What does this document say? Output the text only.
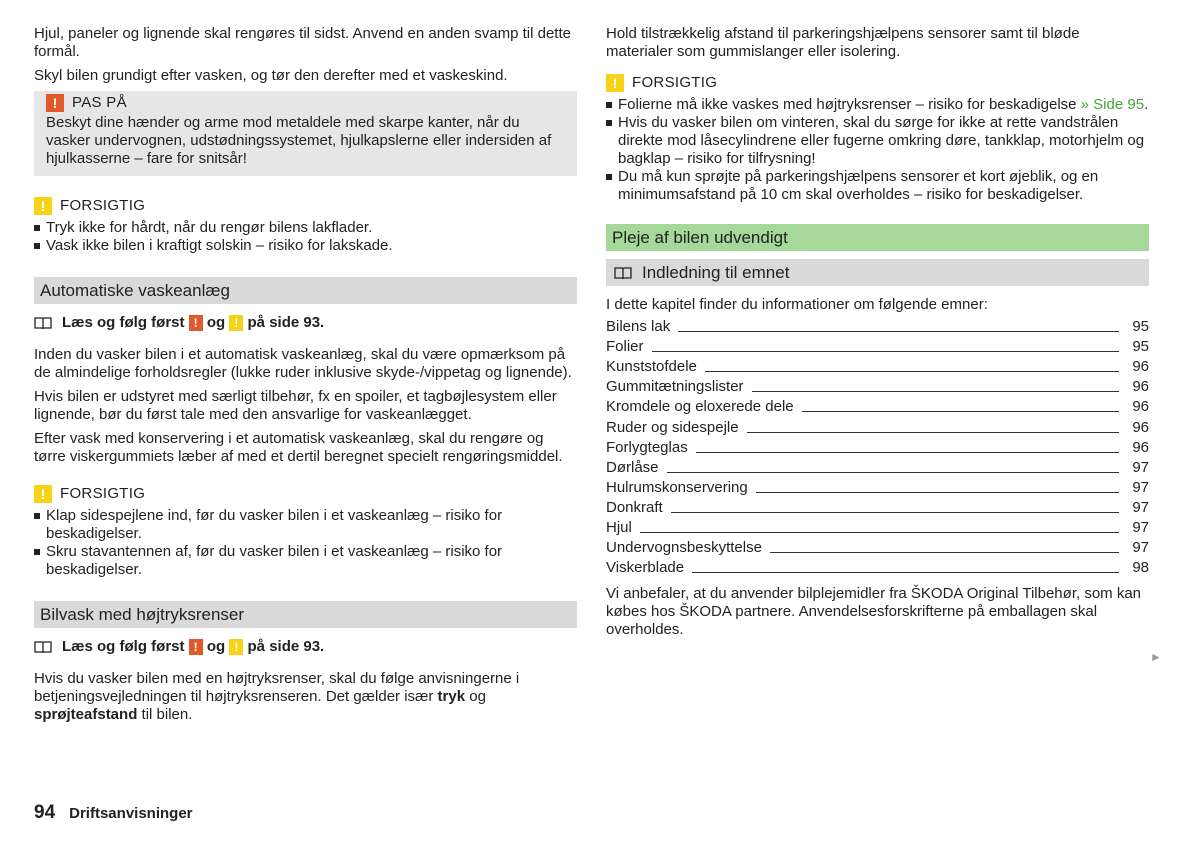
Hjul, paneler og lignende skal rengøres til sidst. Anvend en anden svamp til dette formål.

Skyl bilen grundigt efter vasken, og tør den derefter med et vaskeskind.

! PAS PÅ
Beskyt dine hænder og arme mod metaldele med skarpe kanter, når du vasker undervognen, udstødningssystemet, hjulkapslerne eller indersiden af hjulkasserne – fare for snitsår!
! FORSIGTIG
Tryk ikke for hårdt, når du rengør bilens lakflader.
Vask ikke bilen i kraftigt solskin – risiko for lakskade.
Automatiske vaskeanlæg
Læs og følg først
!
og
!
på side 93.

Inden du vasker bilen i et automatisk vaskeanlæg, skal du være opmærksom på de almindelige forholdsregler (lukke ruder inklusive skyde-/vippetag og lignende).

Hvis bilen er udstyret med særligt tilbehør, fx en spoiler, et tagbøjlesystem eller lignende, bør du først tale med den ansvarlige for vaskeanlægget.

Efter vask med konservering i et automatisk vaskeanlæg, skal du rengøre og tørre viskergummiets læber af med et dertil beregnet specielt rengøringsmiddel.

! FORSIGTIG
Klap sidespejlene ind, før du vasker bilen i et vaskeanlæg – risiko for beskadigelser.
Skru stavantennen af, før du vasker bilen i et vaskeanlæg – risiko for beskadigelser.
Bilvask med højtryksrenser
Læs og følg først
!
og
!
på side 93.

Hvis du vasker bilen med en højtryksrenser, skal du følge anvisningerne i betjeningsvejledningen til højtryksrenseren. Det gælder især tryk og sprøjteafstand til bilen.

Hold tilstrækkelig afstand til parkeringshjælpens sensorer samt til bløde materialer som gummislanger eller isolering.

! FORSIGTIG
Folierne må ikke vaskes med højtryksrenser – risiko for beskadigelse » Side 95.
Hvis du vasker bilen om vinteren, skal du sørge for ikke at rette vandstrålen direkte mod låsecylindrene eller fugerne omkring døre, tankklap, motorhjelm og bagklap – risiko for tilfrysning!
Du må kun sprøjte på parkeringshjælpens sensorer et kort øjeblik, og en minimumsafstand på 10 cm skal overholdes – risiko for beskadigelser.
Pleje af bilen udvendigt
Indledning til emnet

I dette kapitel finder du informationer om følgende emner:

Bilens lak	95
Folier	95
Kunststofdele	96
Gummitætningslister	96
Kromdele og eloxerede dele	96
Ruder og sidespejle	96
Forlygteglas	96
Dørlåse	97
Hulrumskonservering	97
Donkraft	97
Hjul	97
Undervognsbeskyttelse	97
Viskerblade	98

Vi anbefaler, at du anvender bilplejemidler fra ŠKODA Original Tilbehør, som kan købes hos ŠKODA partnere. Anvendelsesforskrifterne på emballagen skal overholdes.

►
94 Driftsanvisninger
